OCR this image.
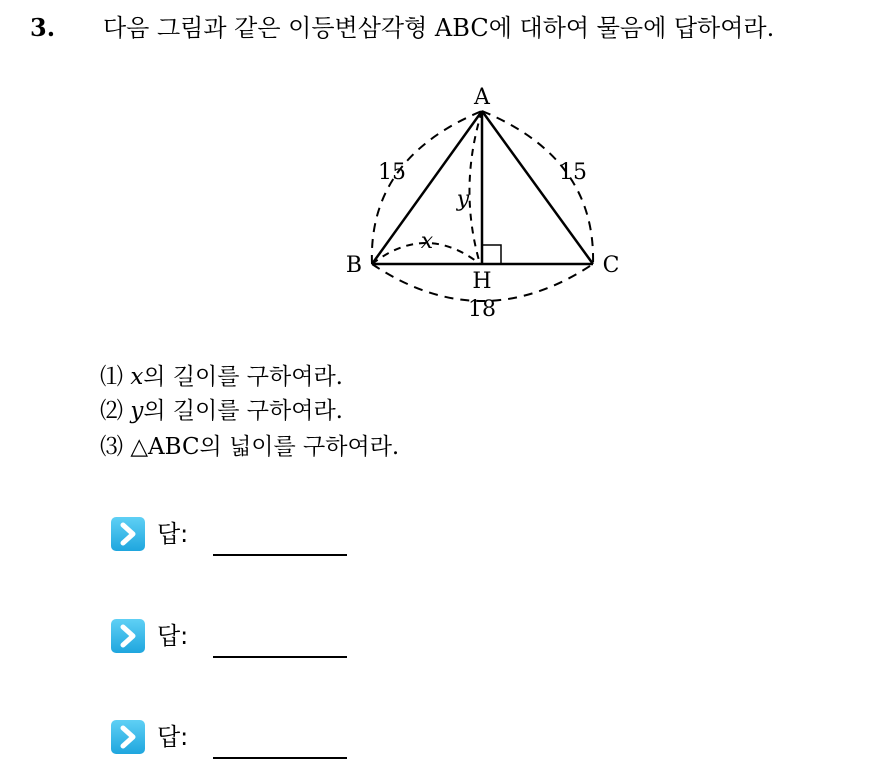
3. 다음 그림과 같은 이등변삼각형 ABC에 대하여 물음에 답하여라.
A
B	C
H
15	15
18
x
y
⑴ x의 길이를 구하여라.
⑵ y의 길이를 구하여라.
⑶ △ABC의 넓이를 구하여라.
답:
답:
답:
